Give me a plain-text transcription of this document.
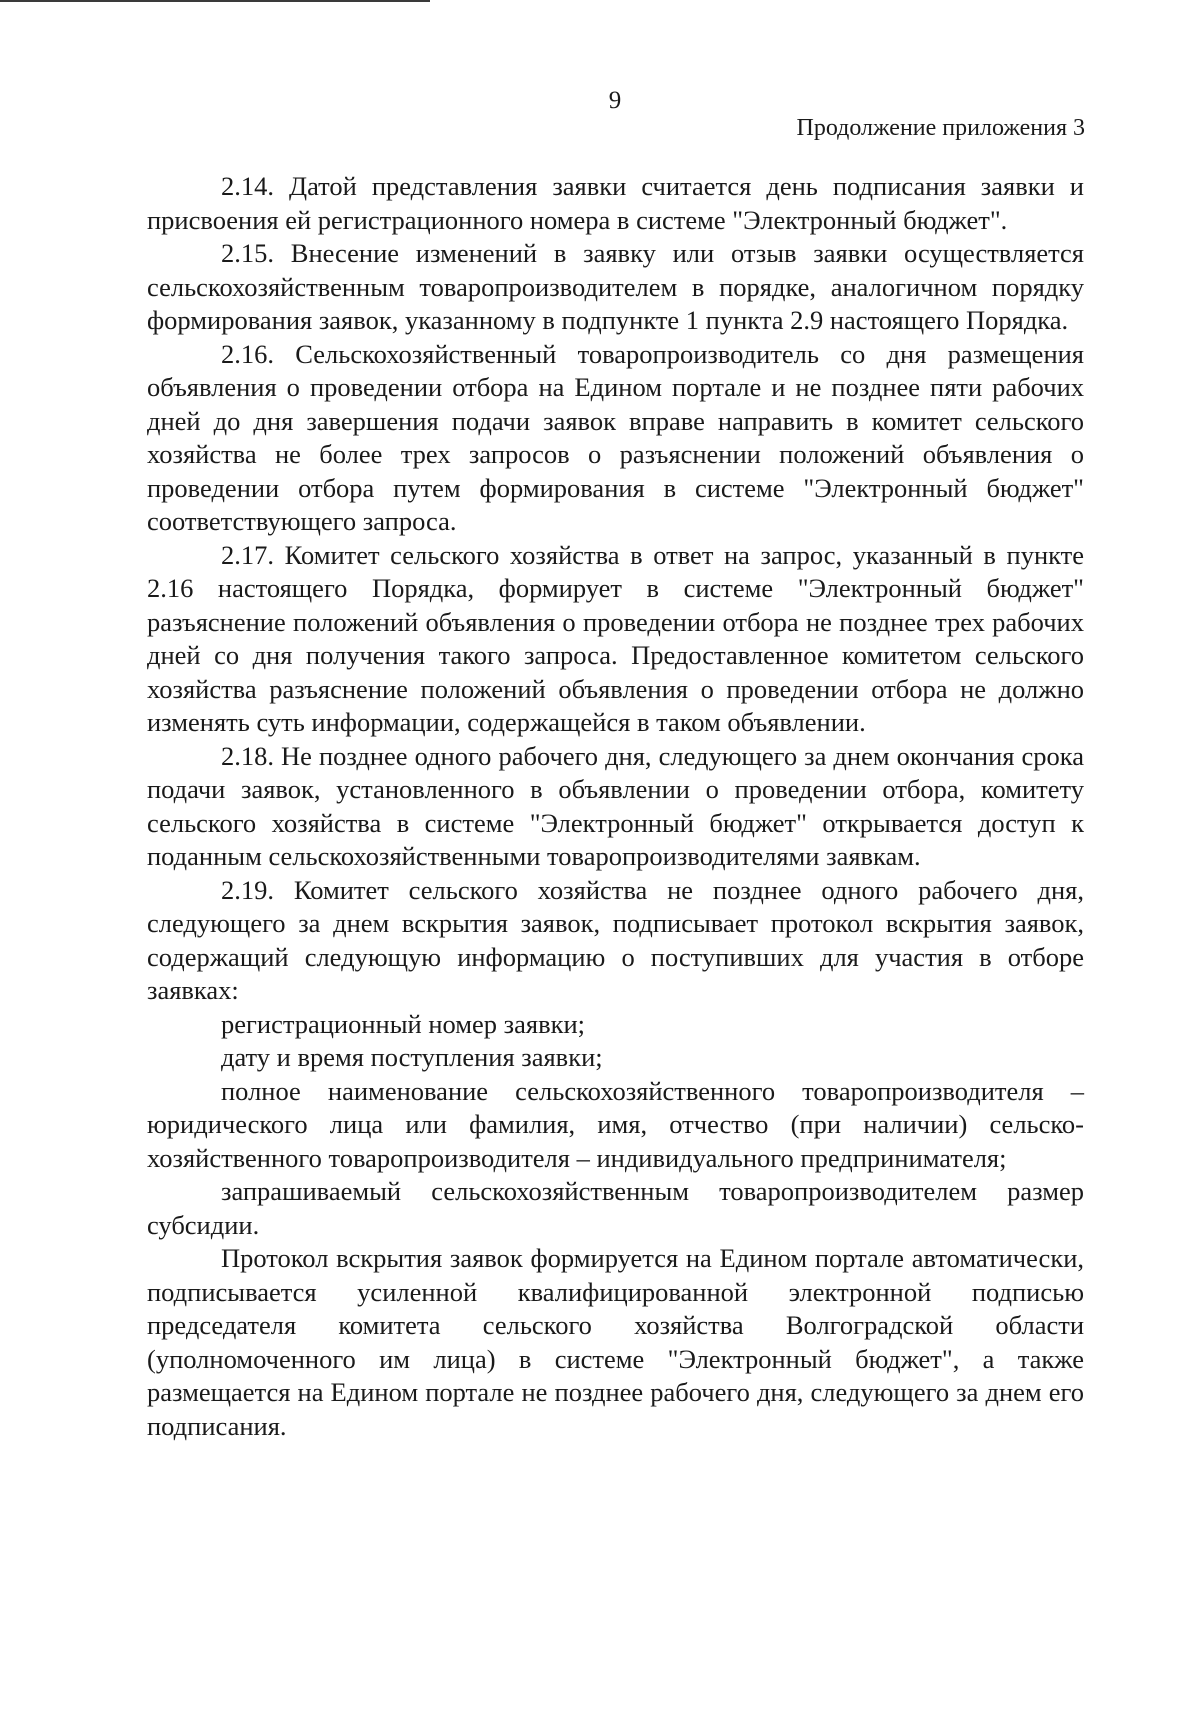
9
Продолжение приложения 3

2.14. Датой представления заявки считается день подписания заявки и присвоения ей регистрационного номера в системе "Электронный бюджет".

2.15. Внесение изменений в заявку или отзыв заявки осуществляется сельскохозяйственным товаропроизводителем в порядке, аналогичном порядку формирования заявок, указанному в подпункте 1 пункта 2.9 настоящего Порядка.

2.16. Сельскохозяйственный товаропроизводитель со дня размещения объявления о проведении отбора на Едином портале и не позднее пяти рабочих дней до дня завершения подачи заявок вправе направить в комитет сельского хозяйства не более трех запросов о разъяснении положений объявления о проведении отбора путем формирования в системе "Электронный бюджет" соответствующего запроса.

2.17. Комитет сельского хозяйства в ответ на запрос, указанный в пункте 2.16 настоящего Порядка, формирует в системе "Электронный бюджет" разъяснение положений объявления о проведении отбора не позднее трех рабочих дней со дня получения такого запроса. Предоставленное комитетом сельского хозяйства разъяснение положений объявления о проведении отбора не должно изменять суть информации, содержащейся в таком объявлении.

2.18. Не позднее одного рабочего дня, следующего за днем окончания срока подачи заявок, установленного в объявлении о проведении отбора, комитету сельского хозяйства в системе "Электронный бюджет" открывается доступ к поданным сельскохозяйственными товаропроизводителями заявкам.

2.19. Комитет сельского хозяйства не позднее одного рабочего дня, следующего за днем вскрытия заявок, подписывает протокол вскрытия заявок, содержащий следующую информацию о поступивших для участия в отборе заявках:

регистрационный номер заявки;

дату и время поступления заявки;

полное наименование сельскохозяйственного товаропроизводителя – юридического лица или фамилия, имя, отчество (при наличии) сельско-хозяйственного товаропроизводителя – индивидуального предпринимателя;

запрашиваемый сельскохозяйственным товаропроизводителем размер субсидии.

Протокол вскрытия заявок формируется на Едином портале автоматически, подписывается усиленной квалифицированной электронной подписью председателя комитета сельского хозяйства Волгоградской области (уполномоченного им лица) в системе "Электронный бюджет", а также размещается на Едином портале не позднее рабочего дня, следующего за днем его подписания.
